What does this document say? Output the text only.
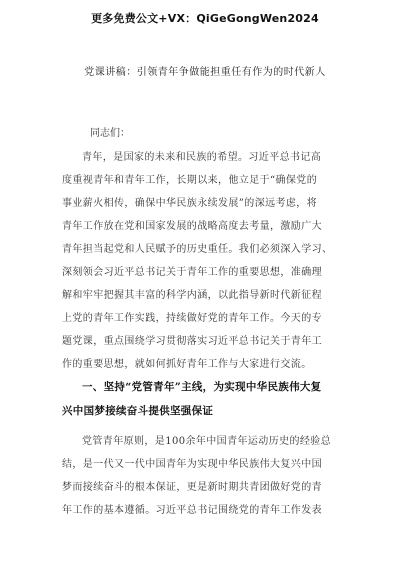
更多免费公文+VX：QiGeGongWen2024
党课讲稿：引领青年争做能担重任有作为的时代新人
同志们：
青年，是国家的未来和民族的希望。习近平总书记高
度重视青年和青年工作，长期以来，他立足于“确保党的
事业薪火相传，确保中华民族永续发展”的深远考虑，将
青年工作放在党和国家发展的战略高度去考量，激励广大
青年担当起党和人民赋予的历史重任。我们必须深入学习、
深刻领会习近平总书记关于青年工作的重要思想，准确理
解和牢牢把握其丰富的科学内涵，以此指导新时代新征程
上党的青年工作实践，持续做好党的青年工作。今天的专
题党课，重点围绕学习贯彻落实习近平总书记关于青年工
作的重要思想，就如何抓好青年工作与大家进行交流。
一、坚持“党管青年”主线，为实现中华民族伟大复
兴中国梦接续奋斗提供坚强保证
党管青年原则，是100余年中国青年运动历史的经验总
结，是一代又一代中国青年为实现中华民族伟大复兴中国
梦而接续奋斗的根本保证，更是新时期共青团做好党的青
年工作的基本遵循。习近平总书记围绕党的青年工作发表
